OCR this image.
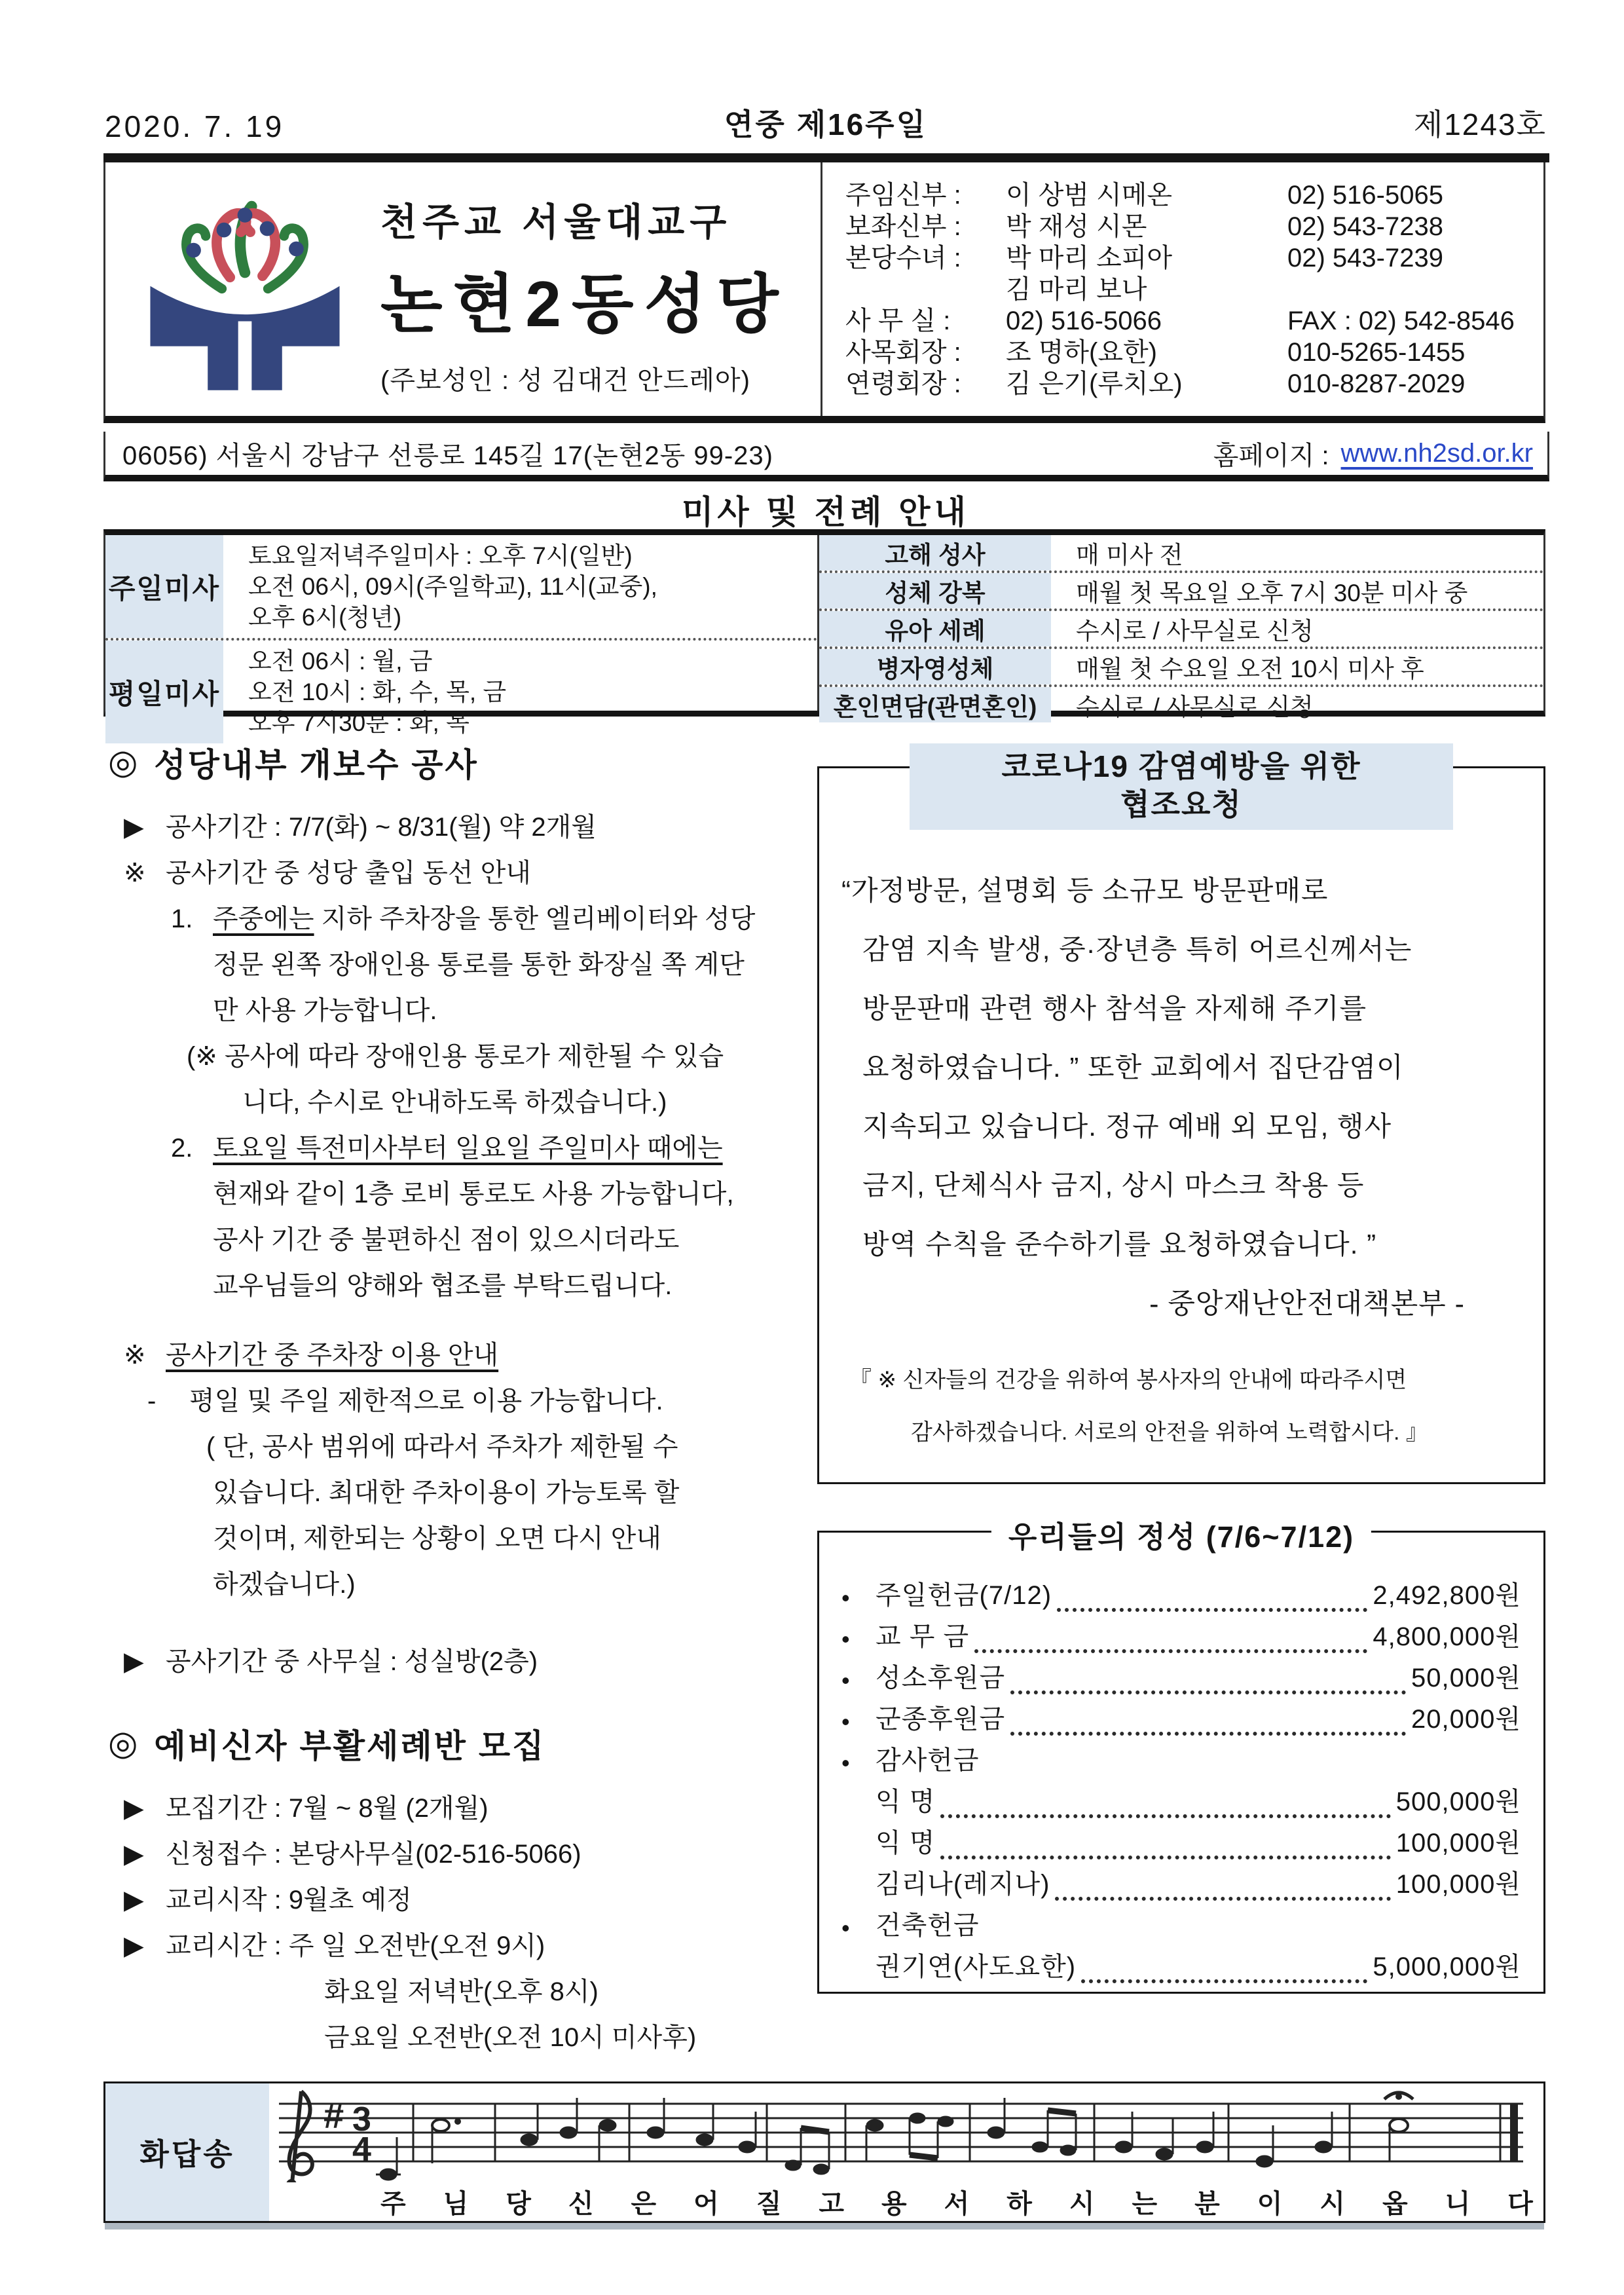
2020. 7. 19	연중 제16주일	제1243호
천주교 서울대교구
논현2동성당
(주보성인 : 성 김대건 안드레아)
주임신부 :	이 상범 시메온	02) 516-5065
보좌신부 :	박 재성 시몬	02) 543-7238
본당수녀 :	박 마리 소피아	02) 543-7239
김 마리 보나
사 무 실 :	02) 516-5066	FAX : 02) 542-8546
사목회장 :	조 명하(요한)	010-5265-1455
연령회장 :	김 은기(루치오)	010-8287-2029
06056) 서울시 강남구 선릉로 145길 17(논현2동 99-23)	홈페이지 : www.nh2sd.or.kr
미사 및 전례 안내
주일미사
토요일저녁주일미사 : 오후 7시(일반)
오전 06시, 09시(주일학교), 11시(교중),
오후 6시(청년)
평일미사
오전 06시 : 월, 금
오전 10시 : 화, 수, 목, 금
오후 7시30분 : 화, 목
고해 성사	매 미사 전
성체 강복	매월 첫 목요일 오후 7시 30분 미사 중
유아 세례	수시로 / 사무실로 신청
병자영성체	매월 첫 수요일 오전 10시 미사 후
혼인면담(관면혼인)	수시로 / 사무실로 신청
◎ 성당내부 개보수 공사
▶ 공사기간 : 7/7(화) ~ 8/31(월) 약 2개월
※ 공사기간 중 성당 출입 동선 안내
1. 주중에는 지하 주차장을 통한 엘리베이터와 성당
정문 왼쪽 장애인용 통로를 통한 화장실 쪽 계단
만 사용 가능합니다.
(※ 공사에 따라 장애인용 통로가 제한될 수 있습
니다, 수시로 안내하도록 하겠습니다.)
2. 토요일 특전미사부터 일요일 주일미사 때에는
현재와 같이 1층 로비 통로도 사용 가능합니다,
공사 기간 중 불편하신 점이 있으시더라도
교우님들의 양해와 협조를 부탁드립니다.
※ 공사기간 중 주차장 이용 안내
- 평일 및 주일 제한적으로 이용 가능합니다.
( 단, 공사 범위에 따라서 주차가 제한될 수
있습니다. 최대한 주차이용이 가능토록 할
것이며, 제한되는 상황이 오면 다시 안내
하겠습니다.)
▶ 공사기간 중 사무실 : 성실방(2층)
◎ 예비신자 부활세례반 모집
▶ 모집기간 : 7월 ~ 8월 (2개월)
▶ 신청접수 : 본당사무실(02-516-5066)
▶ 교리시작 : 9월초 예정
▶ 교리시간 : 주 일 오전반(오전 9시)
화요일 저녁반(오후 8시)
금요일 오전반(오전 10시 미사후)
코로나19 감염예방을 위한
협조요청
“가정방문, 설명회 등 소규모 방문판매로
감염 지속 발생, 중·장년층 특히 어르신께서는
방문판매 관련 행사 참석을 자제해 주기를
요청하였습니다. ” 또한 교회에서 집단감염이
지속되고 있습니다. 정규 예배 외 모임, 행사
금지, 단체식사 금지, 상시 마스크 착용 등
방역 수칙을 준수하기를 요청하였습니다. ”
- 중앙재난안전대책본부 -
『 ※ 신자들의 건강을 위하여 봉사자의 안내에 따라주시면
감사하겠습니다. 서로의 안전을 위하여 노력합시다. 』
우리들의 정성 (7/6~7/12)
• 주일헌금(7/12)	2,492,800원
• 교 무 금	4,800,000원
• 성소후원금	50,000원
• 군종후원금	20,000원
• 감사헌금
익 명	500,000원
익 명	100,000원
김리나(레지나)	100,000원
• 건축헌금
권기연(사도요한)	5,000,000원
화답송
# 3
4
주 님 당 신 은 어 질 고 용 서 하 시 는 분 이 시 옵 니 다
